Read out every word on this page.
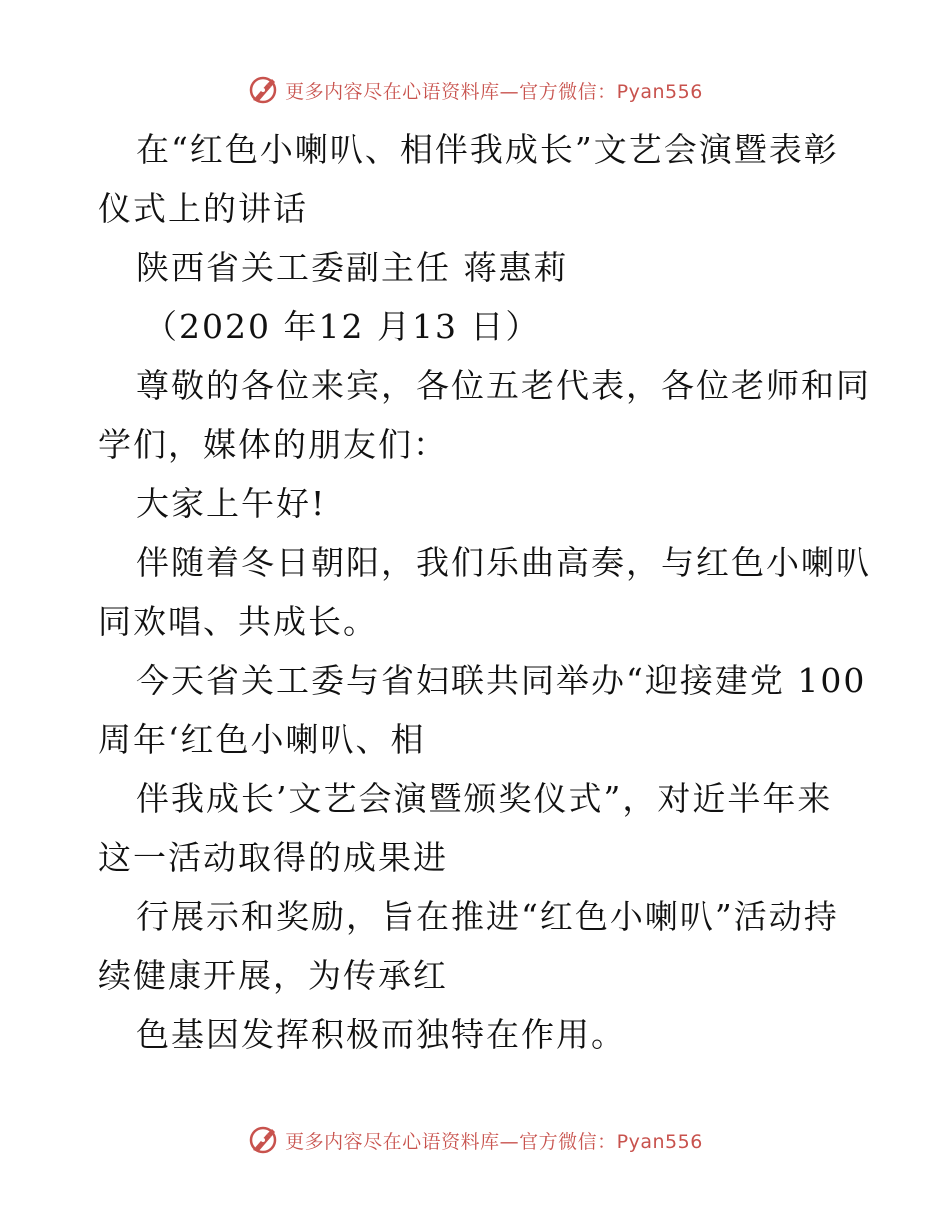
更多内容尽在心语资料库—官方微信：Pyan556
在“红色小喇叭、相伴我成长”文艺会演暨表彰
仪式上的讲话
陕西省关工委副主任 蒋惠莉
（2020 年12 月13 日）
尊敬的各位来宾，各位五老代表，各位老师和同
学们，媒体的朋友们：
大家上午好!
伴随着冬日朝阳，我们乐曲高奏，与红色小喇叭
同欢唱、共成长。
今天省关工委与省妇联共同举办“迎接建党 100
周年‘红色小喇叭、相
伴我成长’文艺会演暨颁奖仪式”，对近半年来
这一活动取得的成果进
行展示和奖励，旨在推进“红色小喇叭”活动持
续健康开展，为传承红
色基因发挥积极而独特在作用。
更多内容尽在心语资料库—官方微信：Pyan556
